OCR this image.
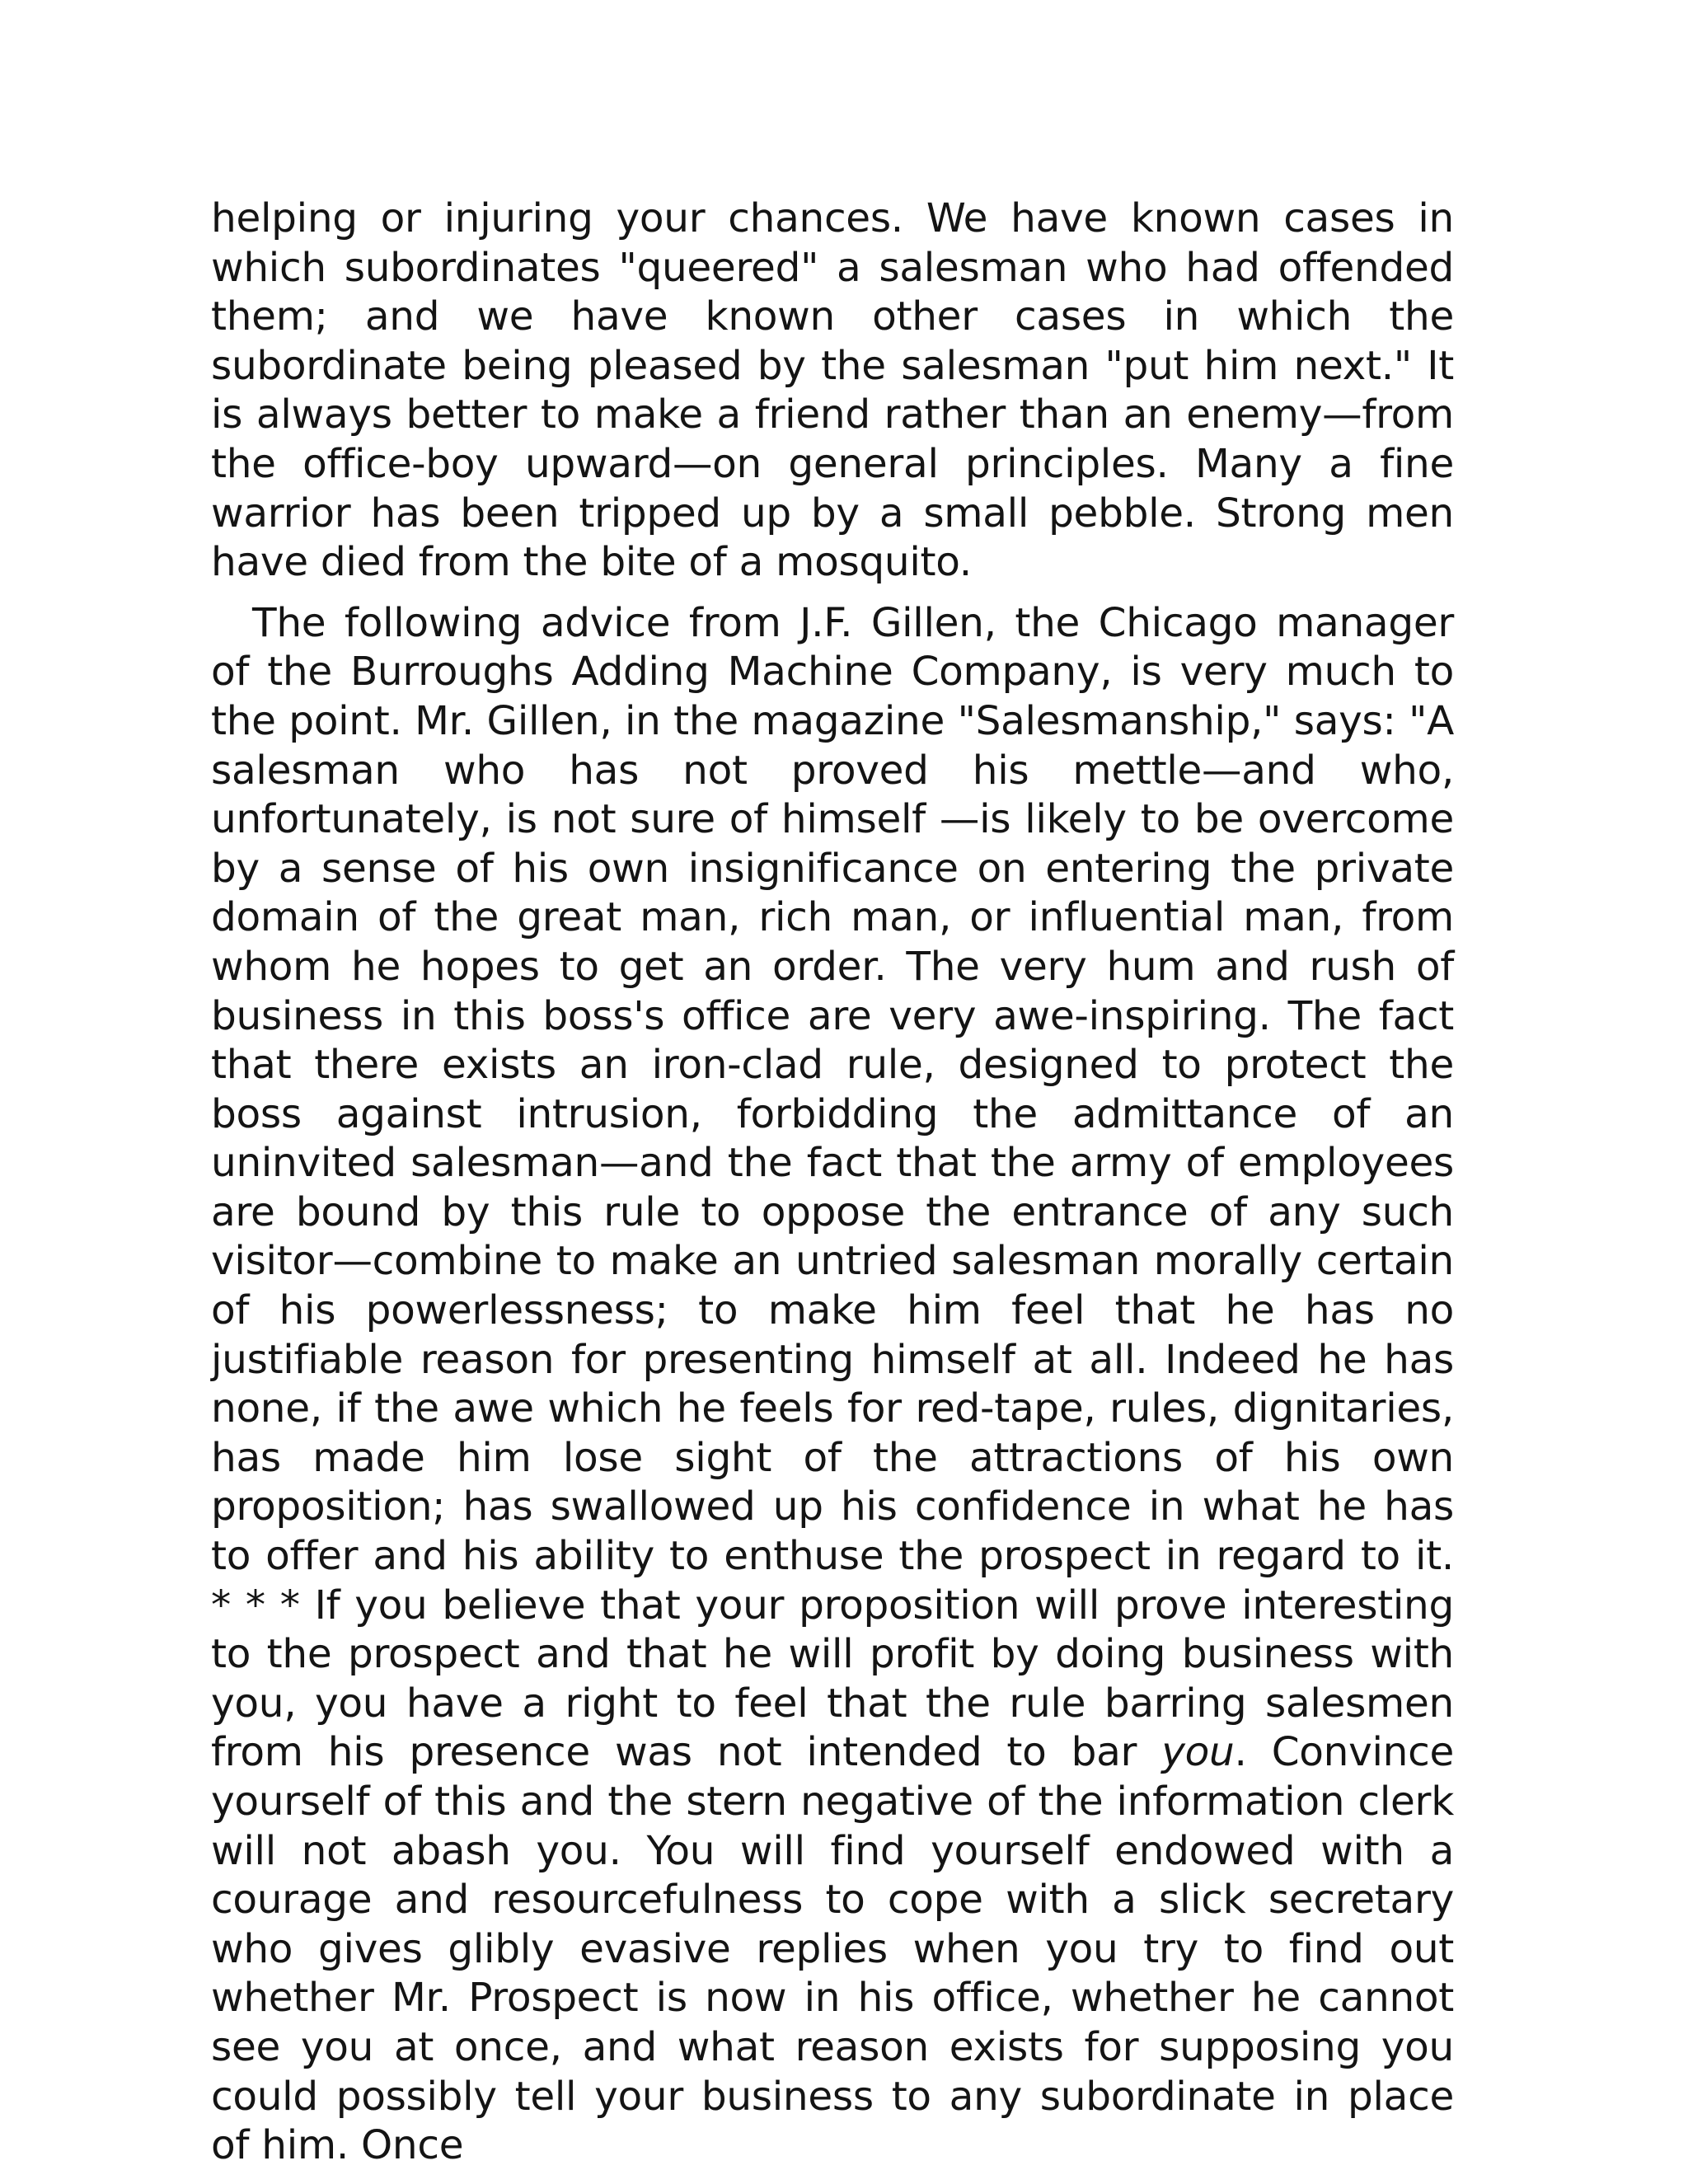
helping or injuring your chances. We have known cases in which subordinates "queered" a salesman who had offended them; and we have known other cases in which the subordinate being pleased by the salesman "put him next." It is always better to make a friend rather than an enemy—from the office-boy upward—on general principles. Many a fine warrior has been tripped up by a small pebble. Strong men have died from the bite of a mosquito.

The following advice from J.F. Gillen, the Chicago manager of the Burroughs Adding Machine Company, is very much to the point. Mr. Gillen, in the magazine "Salesmanship," says: "A salesman who has not proved his mettle—and who, unfortunately, is not sure of himself —is likely to be overcome by a sense of his own insignificance on entering the private domain of the great man, rich man, or influential man, from whom he hopes to get an order. The very hum and rush of business in this boss's office are very awe-inspiring. The fact that there exists an iron-clad rule, designed to protect the boss against intrusion, forbidding the admittance of an uninvited salesman—and the fact that the army of employees are bound by this rule to oppose the entrance of any such visitor—combine to make an untried salesman morally certain of his powerlessness; to make him feel that he has no justifiable reason for presenting himself at all. Indeed he has none, if the awe which he feels for red-tape, rules, dignitaries, has made him lose sight of the attractions of his own proposition; has swallowed up his confidence in what he has to offer and his ability to enthuse the prospect in regard to it. * * * If you believe that your proposition will prove interesting to the prospect and that he will profit by doing business with you, you have a right to feel that the rule barring salesmen from his presence was not intended to bar you. Convince yourself of this and the stern negative of the information clerk will not abash you. You will find yourself endowed with a courage and resourcefulness to cope with a slick secretary who gives glibly evasive replies when you try to find out whether Mr. Prospect is now in his office, whether he cannot see you at once, and what reason exists for supposing you could possibly tell your business to any subordinate in place of him. Once
